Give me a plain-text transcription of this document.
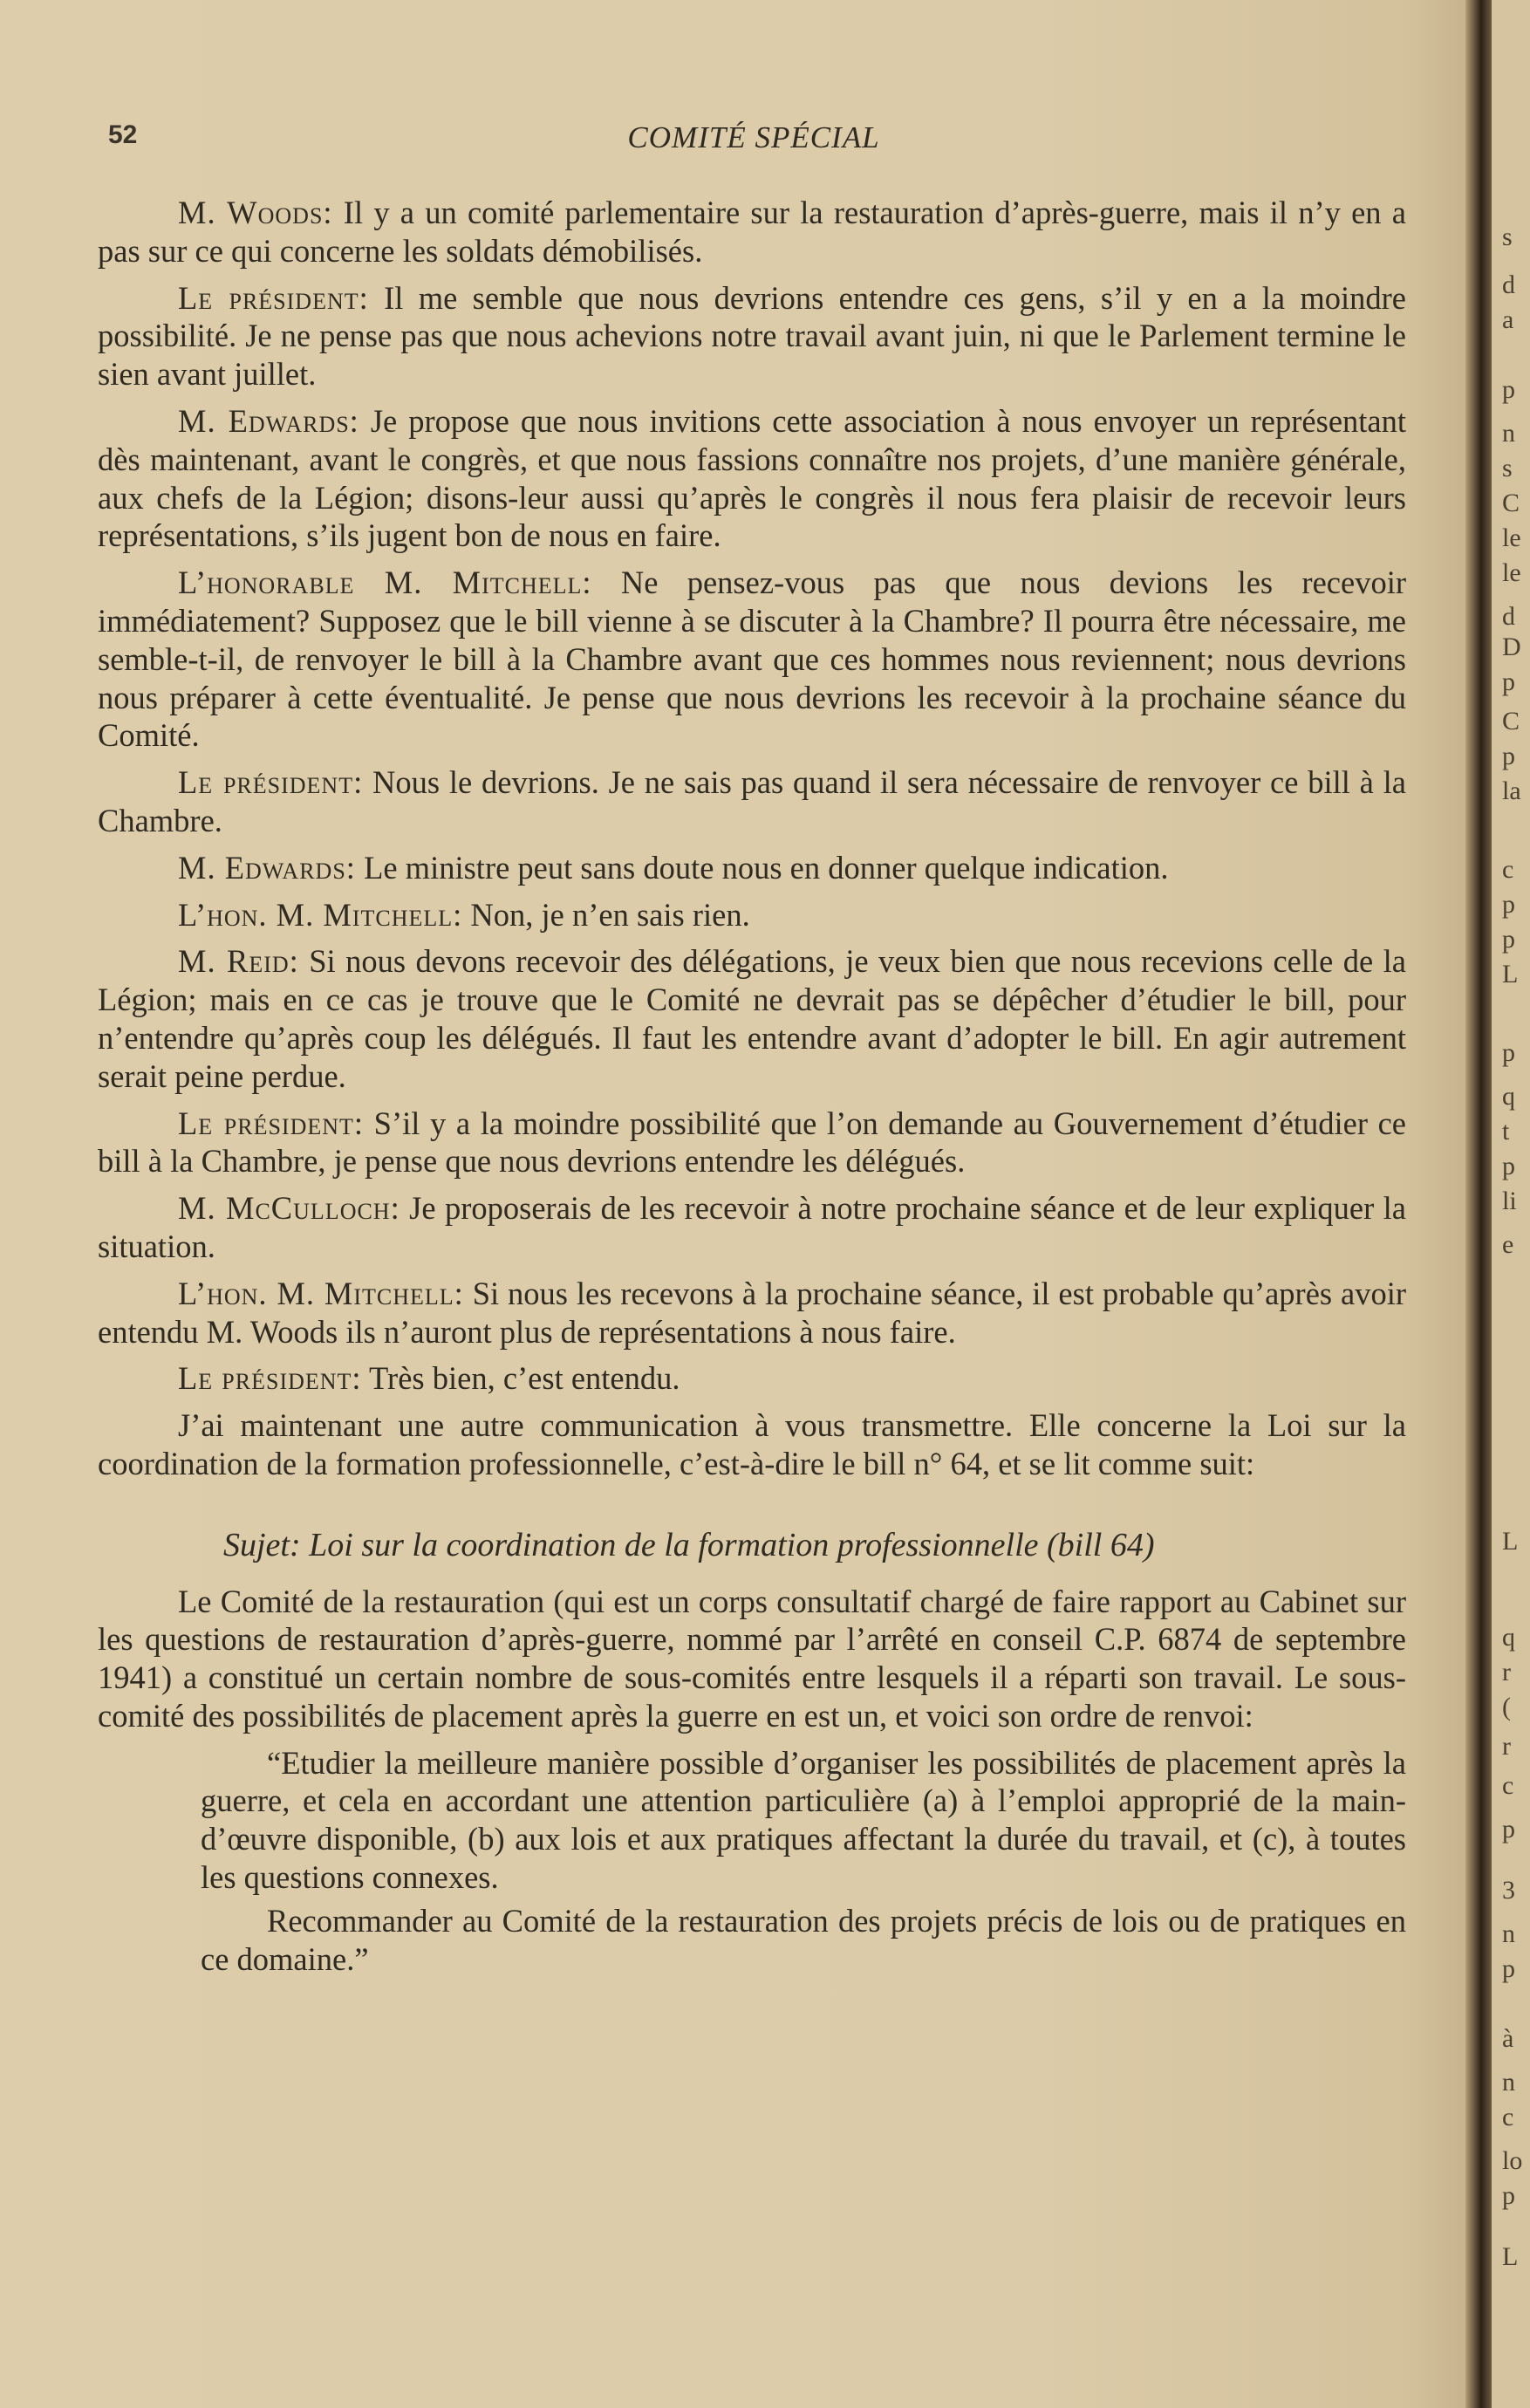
s
d
a
p
n
s
C
le
le
d
D
p
C
p
la
c
p
p
L
p
q
t
p
li
e
L
q
r
(
r
c
p
3
n
p
à
n
c
lo
p
L
52	COMITÉ SPÉCIAL

M. Woods: Il y a un comité parlementaire sur la restauration d’après-guerre, mais il n’y en a pas sur ce qui concerne les soldats démobilisés.

Le président: Il me semble que nous devrions entendre ces gens, s’il y en a la moindre possibilité. Je ne pense pas que nous achevions notre travail avant juin, ni que le Parlement termine le sien avant juillet.

M. Edwards: Je propose que nous invitions cette association à nous envoyer un représentant dès maintenant, avant le congrès, et que nous fassions connaître nos projets, d’une manière générale, aux chefs de la Légion; disons-leur aussi qu’après le congrès il nous fera plaisir de recevoir leurs représentations, s’ils jugent bon de nous en faire.

L’honorable M. Mitchell: Ne pensez-vous pas que nous devions les recevoir immédiatement? Supposez que le bill vienne à se discuter à la Chambre? Il pourra être nécessaire, me semble-t-il, de renvoyer le bill à la Chambre avant que ces hommes nous reviennent; nous devrions nous préparer à cette éventualité. Je pense que nous devrions les recevoir à la prochaine séance du Comité.

Le président: Nous le devrions. Je ne sais pas quand il sera nécessaire de renvoyer ce bill à la Chambre.

M. Edwards: Le ministre peut sans doute nous en donner quelque indication.

L’hon. M. Mitchell: Non, je n’en sais rien.

M. Reid: Si nous devons recevoir des délégations, je veux bien que nous recevions celle de la Légion; mais en ce cas je trouve que le Comité ne devrait pas se dépêcher d’étudier le bill, pour n’entendre qu’après coup les délégués. Il faut les entendre avant d’adopter le bill. En agir autrement serait peine perdue.

Le président: S’il y a la moindre possibilité que l’on demande au Gouvernement d’étudier ce bill à la Chambre, je pense que nous devrions entendre les délégués.

M. McCulloch: Je proposerais de les recevoir à notre prochaine séance et de leur expliquer la situation.

L’hon. M. Mitchell: Si nous les recevons à la prochaine séance, il est probable qu’après avoir entendu M. Woods ils n’auront plus de représentations à nous faire.

Le président: Très bien, c’est entendu.

J’ai maintenant une autre communication à vous transmettre. Elle concerne la Loi sur la coordination de la formation professionnelle, c’est-à-dire le bill n° 64, et se lit comme suit:

Sujet: Loi sur la coordination de la formation professionnelle (bill 64)

Le Comité de la restauration (qui est un corps consultatif chargé de faire rapport au Cabinet sur les questions de restauration d’après-guerre, nommé par l’arrêté en conseil C.P. 6874 de septembre 1941) a constitué un certain nombre de sous-comités entre lesquels il a réparti son travail. Le sous-comité des possibilités de placement après la guerre en est un, et voici son ordre de renvoi:

“Etudier la meilleure manière possible d’organiser les possibilités de placement après la guerre, et cela en accordant une attention particulière (a) à l’emploi approprié de la main-d’œuvre disponible, (b) aux lois et aux pratiques affectant la durée du travail, et (c), à toutes les questions connexes.

Recommander au Comité de la restauration des projets précis de lois ou de pratiques en ce domaine.”
